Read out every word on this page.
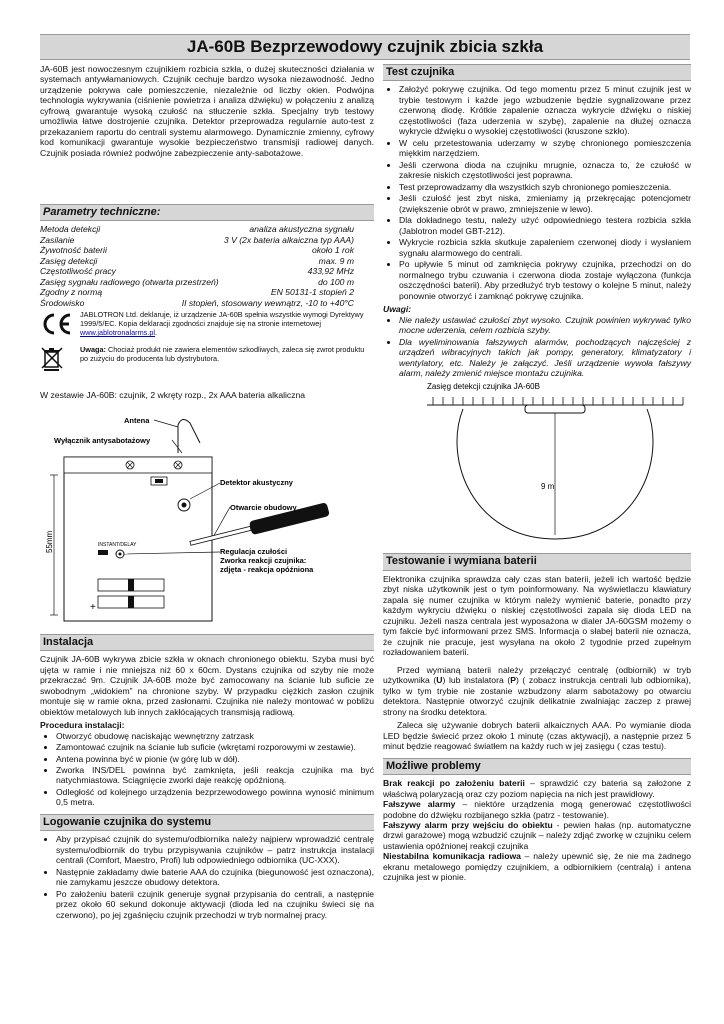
JA-60B Bezprzewodowy czujnik zbicia szkła

JA-60B jest nowoczesnym czujnikiem rozbicia szkła, o dużej skuteczności działania w systemach antywłamaniowych. Czujnik cechuje bardzo wysoka niezawodność. Jedno urządzenie pokrywa całe pomieszczenie, niezależnie od liczby okien. Podwójna technologia wykrywania (ciśnienie powietrza i analiza dźwięku) w połączeniu z analizą cyfrową gwarantuje wysoką czułość na stłuczenie szkła. Specjalny tryb testowy umożliwia łatwe dostrojenie czujnika. Detektor przeprowadza regularnie auto-test z przekazaniem raportu do centrali systemu alarmowego. Dynamicznie zmienny, cyfrowy kod komunikacji gwarantuje wysokie bezpieczeństwo transmisji radiowej danych. Czujnik posiada również podwójne zabezpieczenie anty-sabotażowe.

Parametry techniczne:
Metoda detekcji	analiza akustyczna sygnału
Zasilanie	3 V (2x bateria alkaiczna typ AAA)
Żywotność baterii	około 1 rok
Zasięg detekcji	max. 9 m
Częstotliwość pracy	433,92 MHz
Zasięg sygnału radiowego (otwarta przestrzeń)	do 100 m
Zgodny z normą	EN 50131-1 stopień 2
Środowisko	II stopień, stosowany wewnątrz, -10 to +40°C
JABLOTRON Ltd. deklaruje, iż urządzenie JA-60B spełnia wszystkie wymogi Dyrektywy 1999/5/EC. Kopia deklaracji zgodności znajduje się na stronie internetowej www.jablotronalarms.pl.
Uwaga: Chociaż produkt nie zawiera elementów szkodliwych, zaleca się zwrot produktu po zużyciu do producenta lub dystrybutora.

W zestawie JA-60B: czujnik, 2 wkręty rozp., 2x AAA bateria alkaliczna

Antena
Wyłącznik antysabotażowy
Detektor akustyczny
Otwarcie obudowy
55mm	INSTANT/DELAY
Regulacja czułości
Zworka reakcji czujnika:
zdjęta - reakcja opóźniona
+
Instalacja

Czujnik JA-60B wykrywa zbicie szkła w oknach chronionego obiektu. Szyba musi być ujęta w ramie i nie mniejsza niż 60 x 60cm. Dystans czujnika od szyby nie może przekraczać 9m. Czujnik JA-60B może być zamocowany na ścianie lub suficie ze swobodnym „widokiem” na chronione szyby. W przypadku ciężkich zasłon czujnik montuje się w ramie okna, przed zasłonami. Czujnika nie należy montować w pobliżu obiektów metalowych lub innych zakłócających transmisją radiową.

Procedura instalacji:
• Otworzyć obudowę naciskając wewnętrzny zatrzask
• Zamontować czujnik na ścianie lub suficie (wkrętami rozporowymi w zestawie).
• Antena powinna być w pionie (w górę lub w dół).
• Zworka INS/DEL powinna być zamknięta, jeśli reakcja czujnika ma być natychmiastowa. Sciągnięcie zworki daje reakcję opóźnioną.
• Odległość od kolejnego urządzenia bezprzewodowego powinna wynosić minimum 0,5 metra.
Logowanie czujnika do systemu
• Aby przypisać czujnik do systemu/odbiornika należy najpierw wprowadzić centralę systemu/odbiornik do trybu przypisywania czujników – patrz instrukcja instalacji centrali (Comfort, Maestro, Profi) lub odpowiedniego odbiornika (UC-XXX).
• Następnie zakładamy dwie baterie AAA do czujnika (biegunowość jest oznaczona), nie zamykamu jeszcze obudowy detektora.
• Po założeniu baterii czujnik generuje sygnał przypisania do centrali, a następnie przez około 60 sekund dokonuje aktywacji (dioda led na czujniku świeci się na czerwono), po jej zgaśnięciu czujnik przechodzi w tryb normalnej pracy.
Test czujnika
• Założyć pokrywę czujnika. Od tego momentu przez 5 minut czujnik jest w trybie testowym i każde jego wzbudzenie będzie sygnalizowane przez czerwoną diodę. Krótkie zapalenie oznacza wykrycie dźwięku o niskiej częstotliwości (faza uderzenia w szybę), zapalenie na dłużej oznacza wykrycie dźwięku o wysokiej częstotliwości (kruszone szkło).
• W celu przetestowania uderzamy w szybę chronionego pomieszczenia miękkim narzędziem.
• Jeśli czerwona dioda na czujniku mrugnie, oznacza to, że czułość w zakresie niskich częstotliwości jest poprawna.
• Test przeprowadzamy dla wszystkich szyb chronionego pomieszczenia.
• Jeśli czułość jest zbyt niska, zmieniamy ją przekręcając potencjometr (zwiększenie obrót w prawo, zmniejszenie w lewo).
• Dla dokładnego testu, należy użyć odpowiedniego testera rozbicia szkła (Jablotron model GBT-212).
• Wykrycie rozbicia szkła skutkuje zapaleniem czerwonej diody i wysłaniem sygnału alarmowego do centrali.
• Po upływie 5 minut od zamknięcia pokrywy czujnika, przechodzi on do normalnego trybu czuwania i czerwona dioda zostaje wyłączona (funkcja oszczędności baterii). Aby przedłużyć tryb testowy o kolejne 5 minut, należy ponownie otworzyć i zamknąć pokrywę czujnika.
Uwagi:
• Nie należy ustawiać czułości zbyt wysoko. Czujnik powinien wykrywać tylko mocne uderzenia, celem rozbicia szyby.
• Dla wyeliminowania fałszywych alarmów, pochodzących najczęściej z urządzeń wibracyjnych takich jak pompy, generatory, klimatyzatory i wentylatory, etc. Należy je załączyć. Jeśli urządzenie wywoła fałszywy alarm, należy zmienić miejsce montażu czujnika.
Zasięg detekcji czujnika JA-60B
9 m
Testowanie i wymiana baterii

Elektronika czujnika sprawdza cały czas stan baterii, jeżeli ich wartość będzie zbyt niska użytkownik jest o tym poinformowany. Na wyświetlaczu klawiatury zapala się numer czujnika w którym należy wymienić baterie, ponadto przy każdym wykryciu dźwięku o niskiej częstotliwości zapala się dioda LED na czujniku. Jeżeli nasza centrala jest wyposażona w dialer JA-60GSM możemy o tym fakcie być informowani przez SMS. Informacja o słabej baterii nie oznacza, że czujnik nie pracuje, jest wysyłana na około 2 tygodnie przed zupełnym rozładowaniem baterii.

Przed wymianą baterii należy przełączyć centralę (odbiornik) w tryb użytkownika (U) lub instalatora (P) ( zobacz instrukcja centrali lub odbiornika), tylko w tym trybie nie zostanie wzbudzony alarm sabotażowy po otwarciu detektora. Następnie otworzyć czujnik delikatnie zwalniając zaczep z prawej strony na środku detektora.

Zaleca się używanie dobrych baterii alkaicznych AAA. Po wymianie dioda LED będzie świecić przez około 1 minutę (czas aktywacji), a następnie przez 5 minut będzie reagować światłem na każdy ruch w jej zasięgu ( czas testu).

Możliwe problemy

Brak reakcji po założeniu baterii – sprawdzić czy bateria są założone z właściwą polaryzacją oraz czy poziom napięcia na nich jest prawidłowy.

Fałszywe alarmy – niektóre urządzenia mogą generować częstotliwości podobne do dźwięku rozbijanego szkła (patrz - testowanie).

Fałszywy alarm przy wejściu do obiektu - pewien hałas (np. automatyczne drzwi garażowe) mogą wzbudzić czujnik – należy zdjąć zworkę w czujniku celem ustawienia opóźnionej reakcji czujnika

Niestabilna komunikacja radiowa – należy upewnić się, że nie ma żadnego ekranu metalowego pomiędzy czujnikiem, a odbiornikiem (centralą) i antena czujnika jest w pionie.
